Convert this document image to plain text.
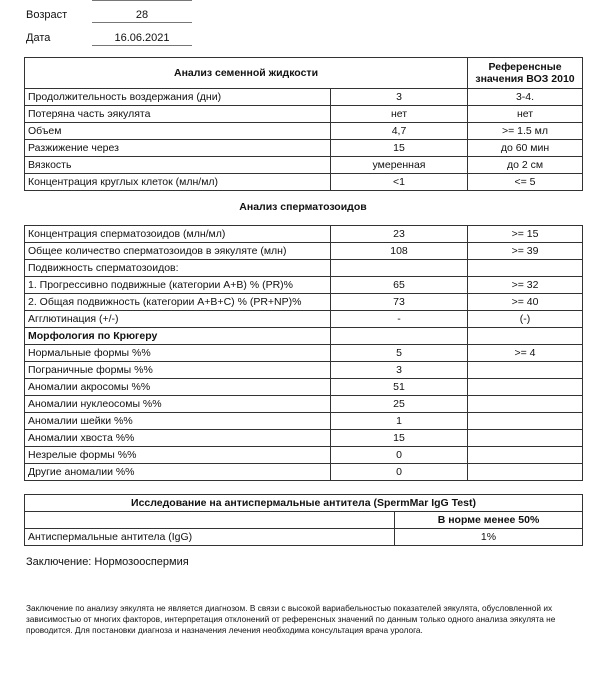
Возраст	28
Дата	16.06.2021
Анализ семенной жидкости		Референсные значения ВОЗ 2010
Продолжительность воздержания (дни)	3	3-4.
Потеряна часть эякулята	нет	нет
Объем	4,7	>= 1.5 мл
Разжижение через	15	до 60 мин
Вязкость	умеренная	до 2 см
Концентрация круглых клеток (млн/мл)	<1	<= 5
Анализ сперматозоидов
Концентрация сперматозоидов (млн/мл)	23	>= 15
Общее количество сперматозоидов в эякуляте (млн)	108	>= 39
Подвижность сперматозоидов:		
1. Прогрессивно подвижные (категории А+В) % (PR)%	65	>= 32
2. Общая подвижность (категории А+В+С) % (PR+NP)%	73	>= 40
Агглютинация (+/-)	-	(-)
Морфология по Крюгеру		
Нормальные формы %%	5	>= 4
Пограничные формы %%	3	
Аномалии акросомы %%	51	
Аномалии нуклеосомы %%	25	
Аномалии шейки %%	1	
Аномалии хвоста %%	15	
Незрелые формы %%	0	
Другие аномалии %%	0	
Исследование на антиспермальные антитела (SpermMar IgG Test)	
	В норме менее 50%
Антиспермальные антитела (IgG)	1%
Заключение: Нормозооспермия
Заключение по анализу эякулята не является диагнозом. В связи с высокой вариабельностью показателей эякулята, обусловленной их зависимостью от многих факторов, интерпретация отклонений от референсных значений по данным только одного анализа эякулята не проводится. Для постановки диагноза и назначения лечения необходима консультация врача уролога.
